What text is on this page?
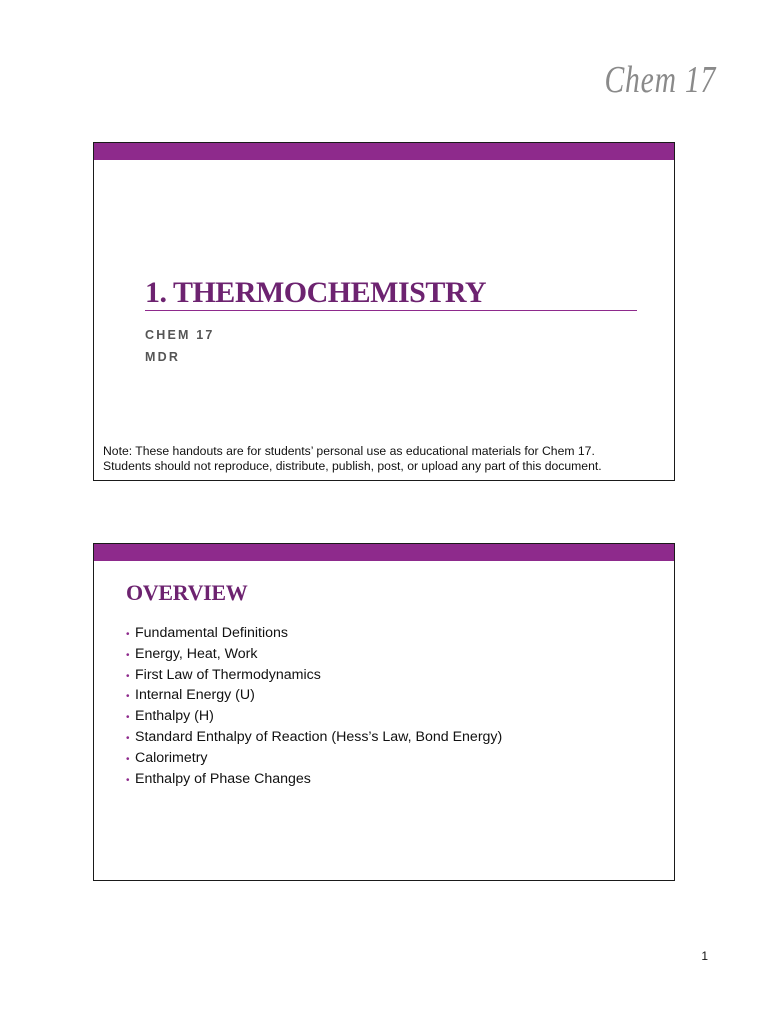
Chem 17
1. THERMOCHEMISTRY
CHEM 17
MDR
Note: These handouts are for students’ personal use as educational materials for Chem 17.
Students should not reproduce, distribute, publish, post, or upload any part of this document.
OVERVIEW
• Fundamental Definitions
• Energy, Heat, Work
• First Law of Thermodynamics
• Internal Energy (U)
• Enthalpy (H)
• Standard Enthalpy of Reaction (Hess’s Law, Bond Energy)
• Calorimetry
• Enthalpy of Phase Changes
1
